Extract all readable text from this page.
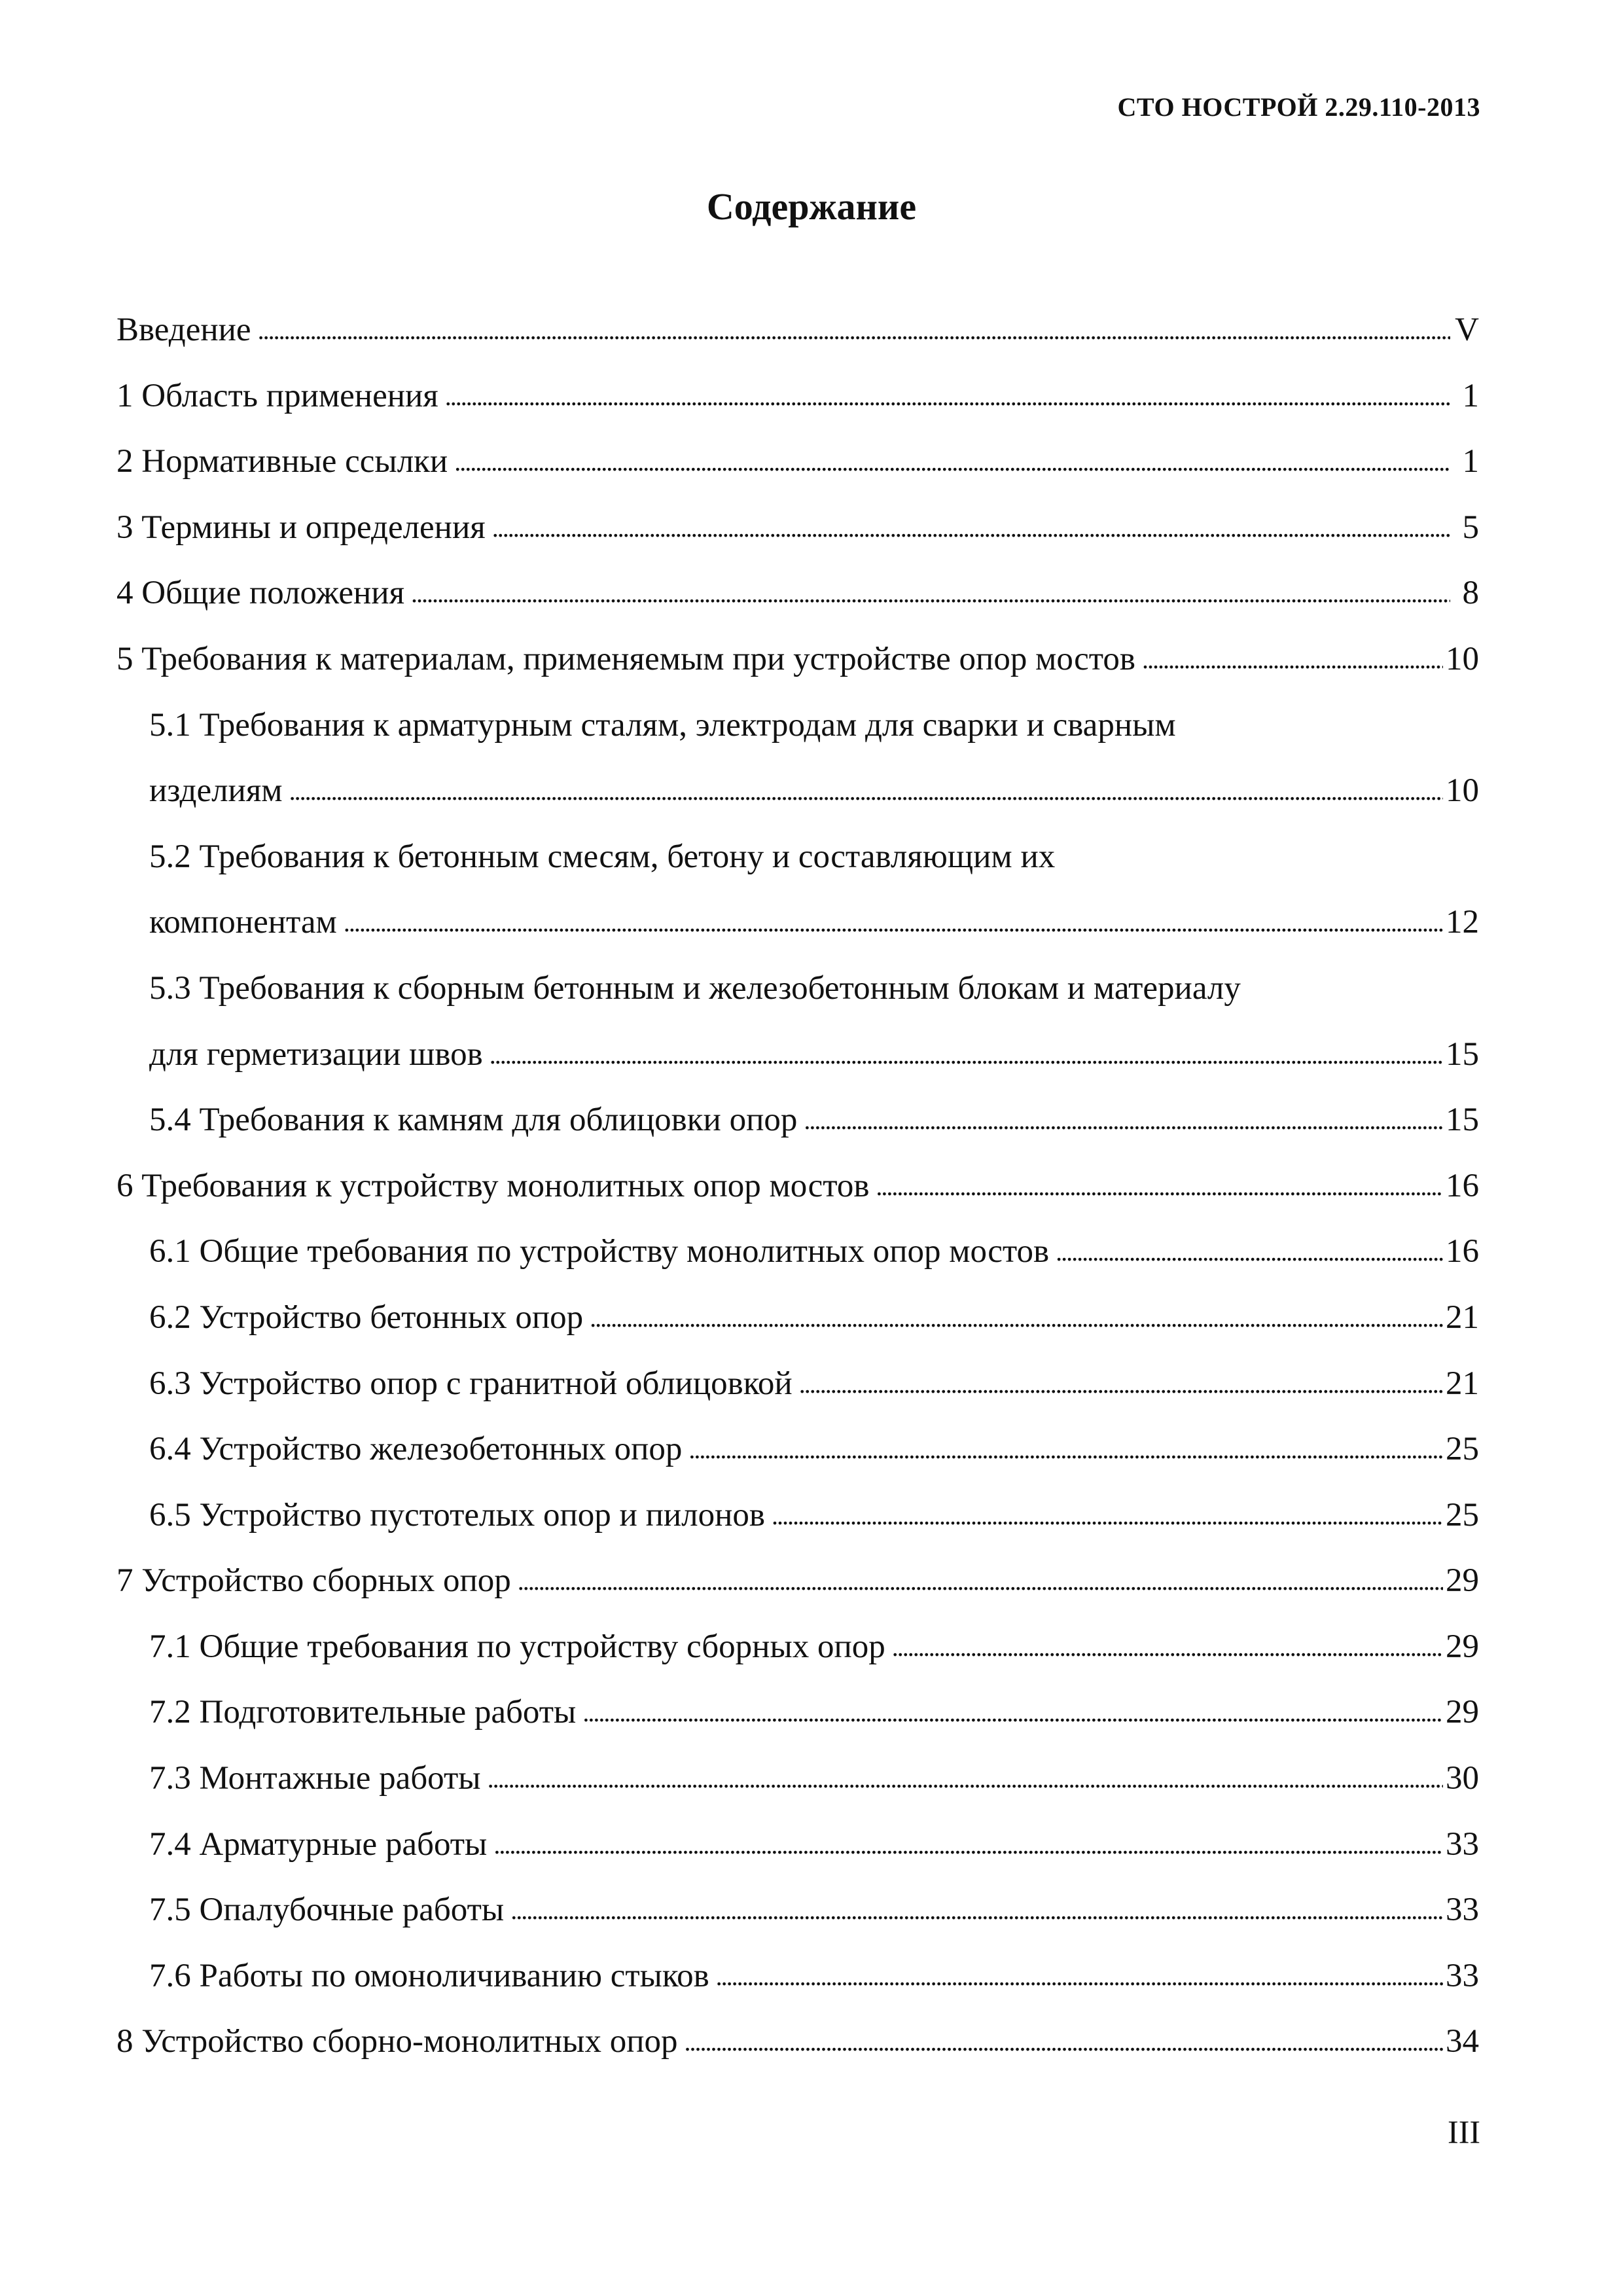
СТО НОСТРОЙ 2.29.110-2013
Содержание
Введение . . .	V
1 Область применения . . .	1
2 Нормативные ссылки . . .	1
3 Термины и определения . . .	5
4 Общие положения . . .	8
5 Требования к материалам, применяемым при устройстве опор мостов . . .	10
5.1 Требования к арматурным сталям, электродам для сварки и сварным
изделиям . . .	10
5.2 Требования к бетонным смесям, бетону и составляющим их
компонентам . . .	12
5.3 Требования к сборным бетонным и железобетонным блокам и материалу
для герметизации швов . . .	15
5.4 Требования к камням для облицовки опор . . .	15
6 Требования к устройству монолитных опор мостов . . .	16
6.1 Общие требования по устройству монолитных опор мостов . . .	16
6.2 Устройство бетонных опор . . .	21
6.3 Устройство опор с гранитной облицовкой . . .	21
6.4 Устройство железобетонных опор . . .	25
6.5 Устройство пустотелых опор и пилонов . . .	25
7 Устройство сборных опор . . .	29
7.1 Общие требования по устройству сборных опор . . .	29
7.2 Подготовительные работы . . .	29
7.3 Монтажные работы . . .	30
7.4 Арматурные работы . . .	33
7.5 Опалубочные работы . . .	33
7.6 Работы по омоноличиванию стыков . . .	33
8 Устройство сборно-монолитных опор . . .	34
III
